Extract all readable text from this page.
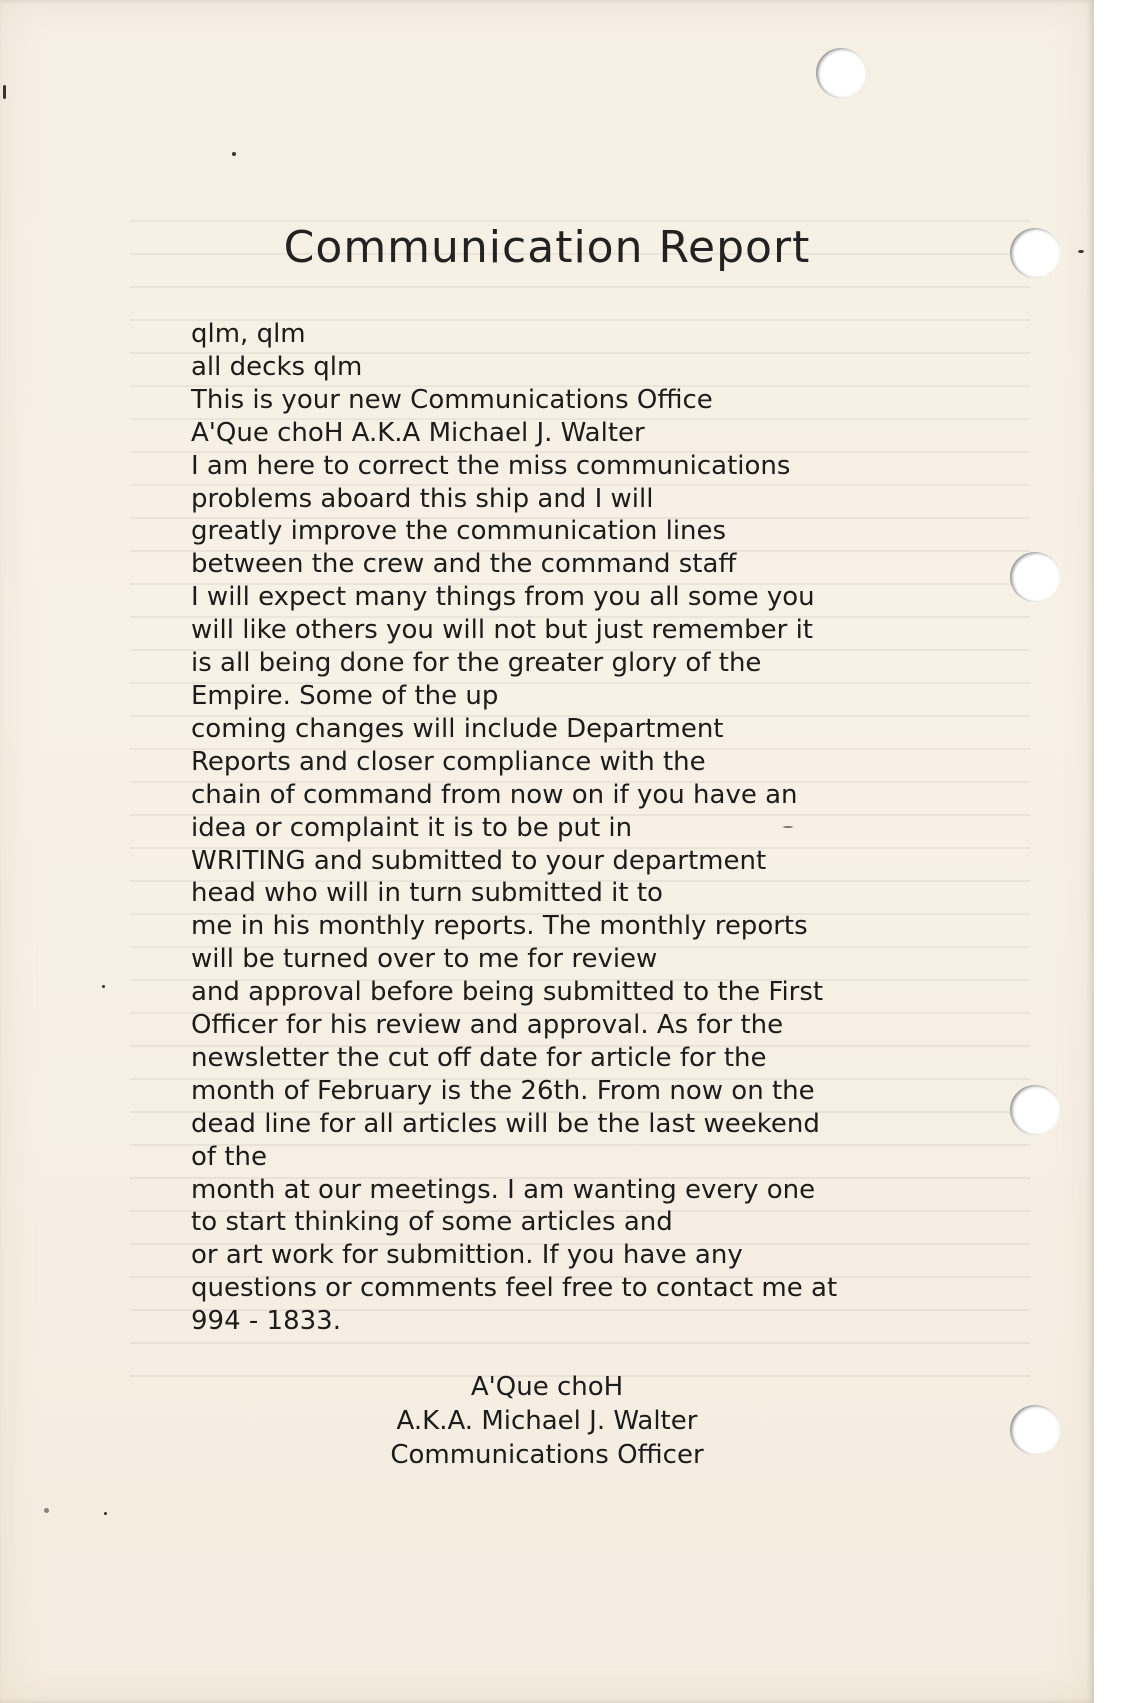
Communication Report
qlm, qlm
all decks qlm
This is your new Communications Office
A'Que choH A.K.A Michael J. Walter
I am here to correct the miss communications
problems aboard this ship and I will
greatly improve the communication lines
between the crew and the command staff
I will expect many things from you all some you
will like others you will not but just remember it
is all being done for the greater glory of the
Empire. Some of the up
coming changes will include Department
Reports and closer compliance with the
chain of command from now on if you have an
idea or complaint it is to be put in
WRITING and submitted to your department
head who will in turn submitted it to
me in his monthly reports. The monthly reports
will be turned over to me for review
and approval before being submitted to the First
Officer for his review and approval. As for the
newsletter the cut off date for article for the
month of February is the 26th. From now on the
dead line for all articles will be the last weekend
of the
month at our meetings. I am wanting every one
to start thinking of some articles and
or art work for submittion. If you have any
questions or comments feel free to contact me at
994 - 1833.
A'Que choH
A.K.A. Michael J. Walter
Communications Officer
